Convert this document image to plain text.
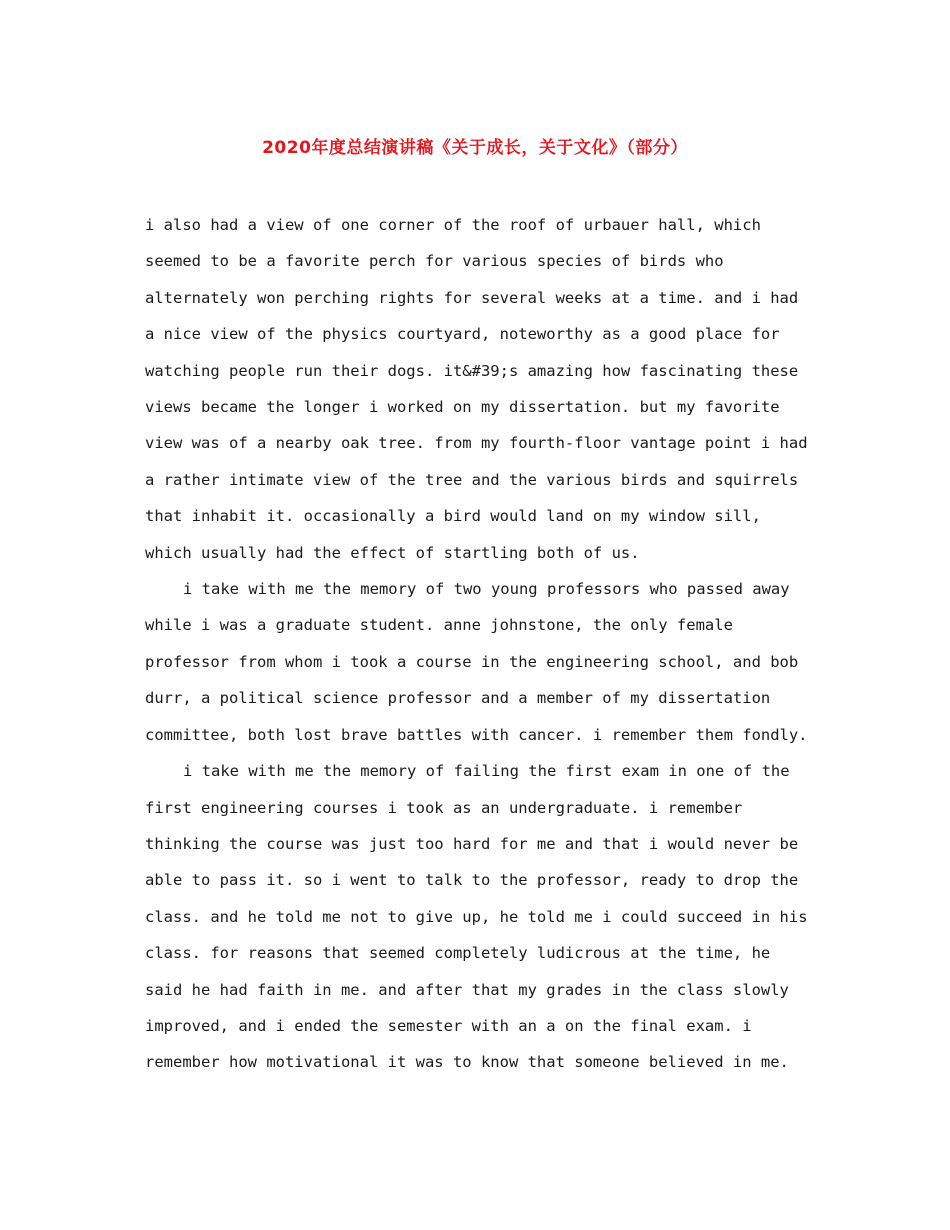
2020年度总结演讲稿《关于成长，关于文化》（部分）
i also had a view of one corner of the roof of urbauer hall, which
seemed to be a favorite perch for various species of birds who
alternately won perching rights for several weeks at a time. and i had
a nice view of the physics courtyard, noteworthy as a good place for
watching people run their dogs. it&#39;s amazing how fascinating these
views became the longer i worked on my dissertation. but my favorite
view was of a nearby oak tree. from my fourth-floor vantage point i had
a rather intimate view of the tree and the various birds and squirrels
that inhabit it. occasionally a bird would land on my window sill,
which usually had the effect of startling both of us.
i take with me the memory of two young professors who passed away
while i was a graduate student. anne johnstone, the only female
professor from whom i took a course in the engineering school, and bob
durr, a political science professor and a member of my dissertation
committee, both lost brave battles with cancer. i remember them fondly.
i take with me the memory of failing the first exam in one of the
first engineering courses i took as an undergraduate. i remember
thinking the course was just too hard for me and that i would never be
able to pass it. so i went to talk to the professor, ready to drop the
class. and he told me not to give up, he told me i could succeed in his
class. for reasons that seemed completely ludicrous at the time, he
said he had faith in me. and after that my grades in the class slowly
improved, and i ended the semester with an a on the final exam. i
remember how motivational it was to know that someone believed in me.
